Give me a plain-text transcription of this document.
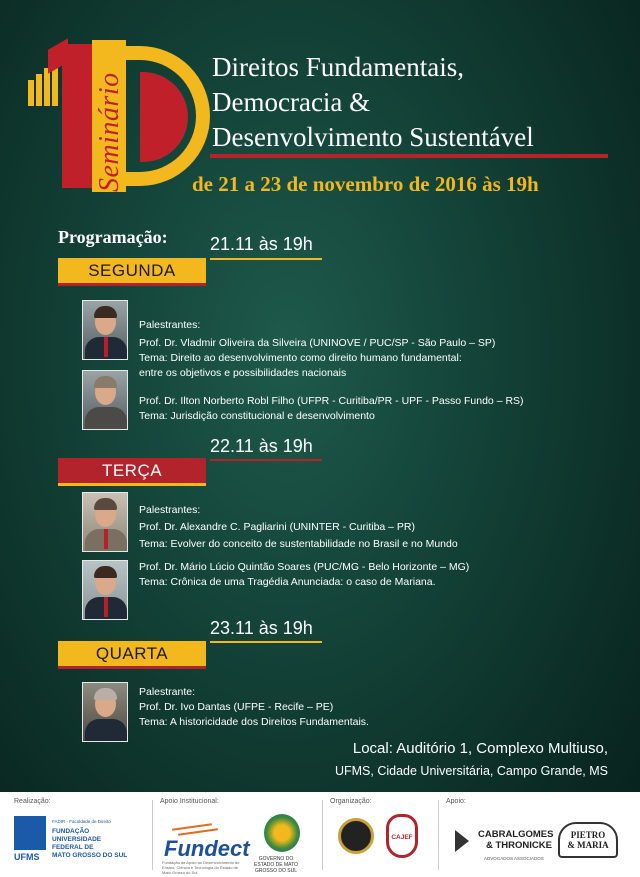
Seminário
Direitos Fundamentais,
Democracia &
Desenvolvimento Sustentável
de 21 a 23 de novembro de 2016 às 19h
Programação: 21.11 às 19h
SEGUNDA
Palestrantes:
Prof. Dr. Vladmir Oliveira da Silveira (UNINOVE / PUC/SP - São Paulo – SP)
Tema: Direito ao desenvolvimento como direito humano fundamental:
entre os objetivos e possibilidades nacionais
Prof. Dr. Ilton Norberto Robl Filho (UFPR - Curitiba/PR - UPF - Passo Fundo – RS)
Tema: Jurisdição constitucional e desenvolvimento
22.11 às 19h
TERÇA
Palestrantes:
Prof. Dr. Alexandre C. Pagliarini (UNINTER - Curitiba – PR)
Tema: Evolver do conceito de sustentabilidade no Brasil e no Mundo
Prof. Dr. Mário Lúcio Quintão Soares (PUC/MG - Belo Horizonte – MG)
Tema: Crônica de uma Tragédia Anunciada: o caso de Mariana.
23.11 às 19h
QUARTA
Palestrante:
Prof. Dr. Ivo Dantas (UFPE - Recife – PE)
Tema: A historicidade dos Direitos Fundamentais.
Local: Auditório 1, Complexo Multiuso,
UFMS, Cidade Universitária, Campo Grande, MS
Realização:	Apoio Institucional:	Organização:	Apoio:
UFMS
FADIR - Faculdade de Direito
FUNDAÇÃO
UNIVERSIDADE
FEDERAL DE
MATO GROSSO DO SUL Fundect
Fundação de Apoio ao Desenvolvimento do Ensino, Ciência e Tecnologia do Estado de Mato Grosso do Sul
GOVERNO DO ESTADO DE MATO GROSSO DO SUL
CAJEF	CABRALGOMES
& THRONICKE
ADVOGADOS ASSOCIADOS
PIETRO
& MARIA
